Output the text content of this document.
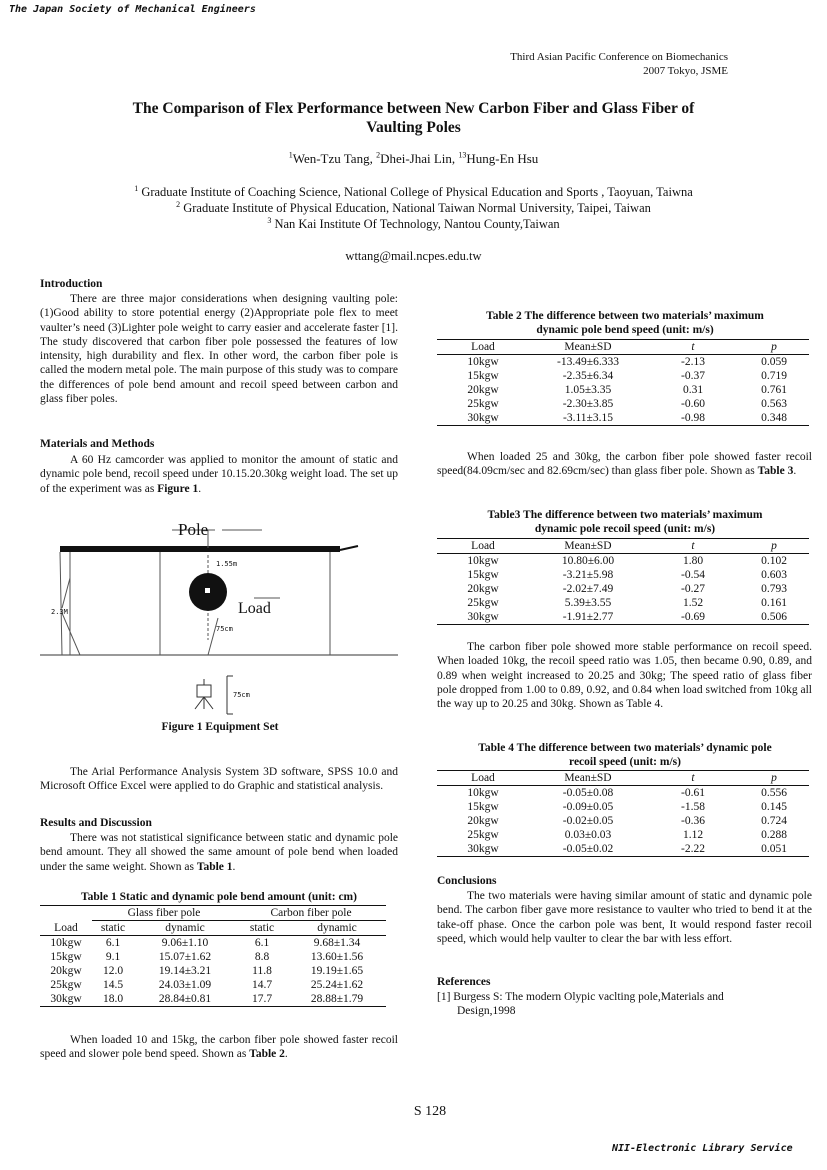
The Japan Society of Mechanical Engineers
Third Asian Pacific Conference on Biomechanics
2007 Tokyo, JSME
The Comparison of Flex Performance between New Carbon Fiber and Glass Fiber of
Vaulting Poles
$^1$Wen-Tzu Tang, $^2$Dhei-Jhai Lin, $^{13}$Hung-En Hsu
$^1$ Graduate Institute of Coaching Science, National College of Physical Education and Sports , Taoyuan, Taiwna
$^2$ Graduate Institute of Physical Education, National Taiwan Normal University, Taipei, Taiwan
$^3$ Nan Kai Institute Of Technology, Nantou County,Taiwan
wttang@mail.ncpes.edu.tw
Introduction
There are three major considerations when designing vaulting pole: (1)Good ability to store potential energy (2)Appropriate pole flex to meet vaulter’s need (3)Lighter pole weight to carry easier and accelerate faster [1]. The study discovered that carbon fiber pole possessed the features of low intensity, high durability and flex. In other word, the carbon fiber pole is called the modern metal pole. The main purpose of this study was to compare the differences of pole bend amount and recoil speed between carbon and glass fiber poles.
Materials and Methods
A 60 Hz camcorder was applied to monitor the amount of static and dynamic pole bend, recoil speed under 10.15.20.30kg weight load. The set up of the experiment was as Figure 1.
Pole
Load
1.55m
2.3M
75cm
75cm
Figure 1 Equipment Set
The Arial Performance Analysis System 3D software, SPSS 10.0 and Microsoft Office Excel were applied to do Graphic and statistical analysis.
Results and Discussion
There was not statistical significance between static and dynamic pole bend amount. They all showed the same amount of pole bend when loaded under the same weight. Shown as Table 1.
Table 1 Static and dynamic pole bend amount (unit: cm)
	Glass fiber pole		Carbon fiber pole	
Load	static	dynamic	static	dynamic
10kgw	6.1	9.06±1.10	6.1	9.68±1.34
15kgw	9.1	15.07±1.62	8.8	13.60±1.56
20kgw	12.0	19.14±3.21	11.8	19.19±1.65
25kgw	14.5	24.03±1.09	14.7	25.24±1.62
30kgw	18.0	28.84±0.81	17.7	28.88±1.79
When loaded 10 and 15kg, the carbon fiber pole showed faster recoil speed and slower pole bend speed. Shown as Table 2.
Table 2 The difference between two materials’ maximum
dynamic pole bend speed (unit: m/s)
Load	Mean±SD	t	p
10kgw	-13.49±6.333	-2.13	0.059
15kgw	-2.35±6.34	-0.37	0.719
20kgw	1.05±3.35	0.31	0.761
25kgw	-2.30±3.85	-0.60	0.563
30kgw	-3.11±3.15	-0.98	0.348
When loaded 25 and 30kg, the carbon fiber pole showed faster recoil speed(84.09cm/sec and 82.69cm/sec) than glass fiber pole. Shown as Table 3.
Table3 The difference between two materials’ maximum
dynamic pole recoil speed (unit: m/s)
Load	Mean±SD	t	p
10kgw	10.80±6.00	1.80	0.102
15kgw	-3.21±5.98	-0.54	0.603
20kgw	-2.02±7.49	-0.27	0.793
25kgw	5.39±3.55	1.52	0.161
30kgw	-1.91±2.77	-0.69	0.506
The carbon fiber pole showed more stable performance on recoil speed. When loaded 10kg, the recoil speed ratio was 1.05, then became 0.90, 0.89, and 0.89 when weight increased to 20.25 and 30kg; The speed ratio of glass fiber pole dropped from 1.00 to 0.89, 0.92, and 0.84 when load switched from 10kg all the way up to 20.25 and 30kg. Shown as Table 4.
Table 4 The difference between two materials’ dynamic pole
recoil speed (unit: m/s)
Load	Mean±SD	t	p
10kgw	-0.05±0.08	-0.61	0.556
15kgw	-0.09±0.05	-1.58	0.145
20kgw	-0.02±0.05	-0.36	0.724
25kgw	0.03±0.03	1.12	0.288
30kgw	-0.05±0.02	-2.22	0.051
Conclusions
The two materials were having similar amount of static and dynamic pole bend. The carbon fiber gave more resistance to vaulter who tried to bend it at the take-off phase. Once the carbon pole was bent, It would respond faster recoil speed, which would help vaulter to clear the bar with less effort.
References
[1] Burgess S: The modern Olypic vaclting pole,Materials and
Design,1998
S 128
NII-Electronic Library Service
